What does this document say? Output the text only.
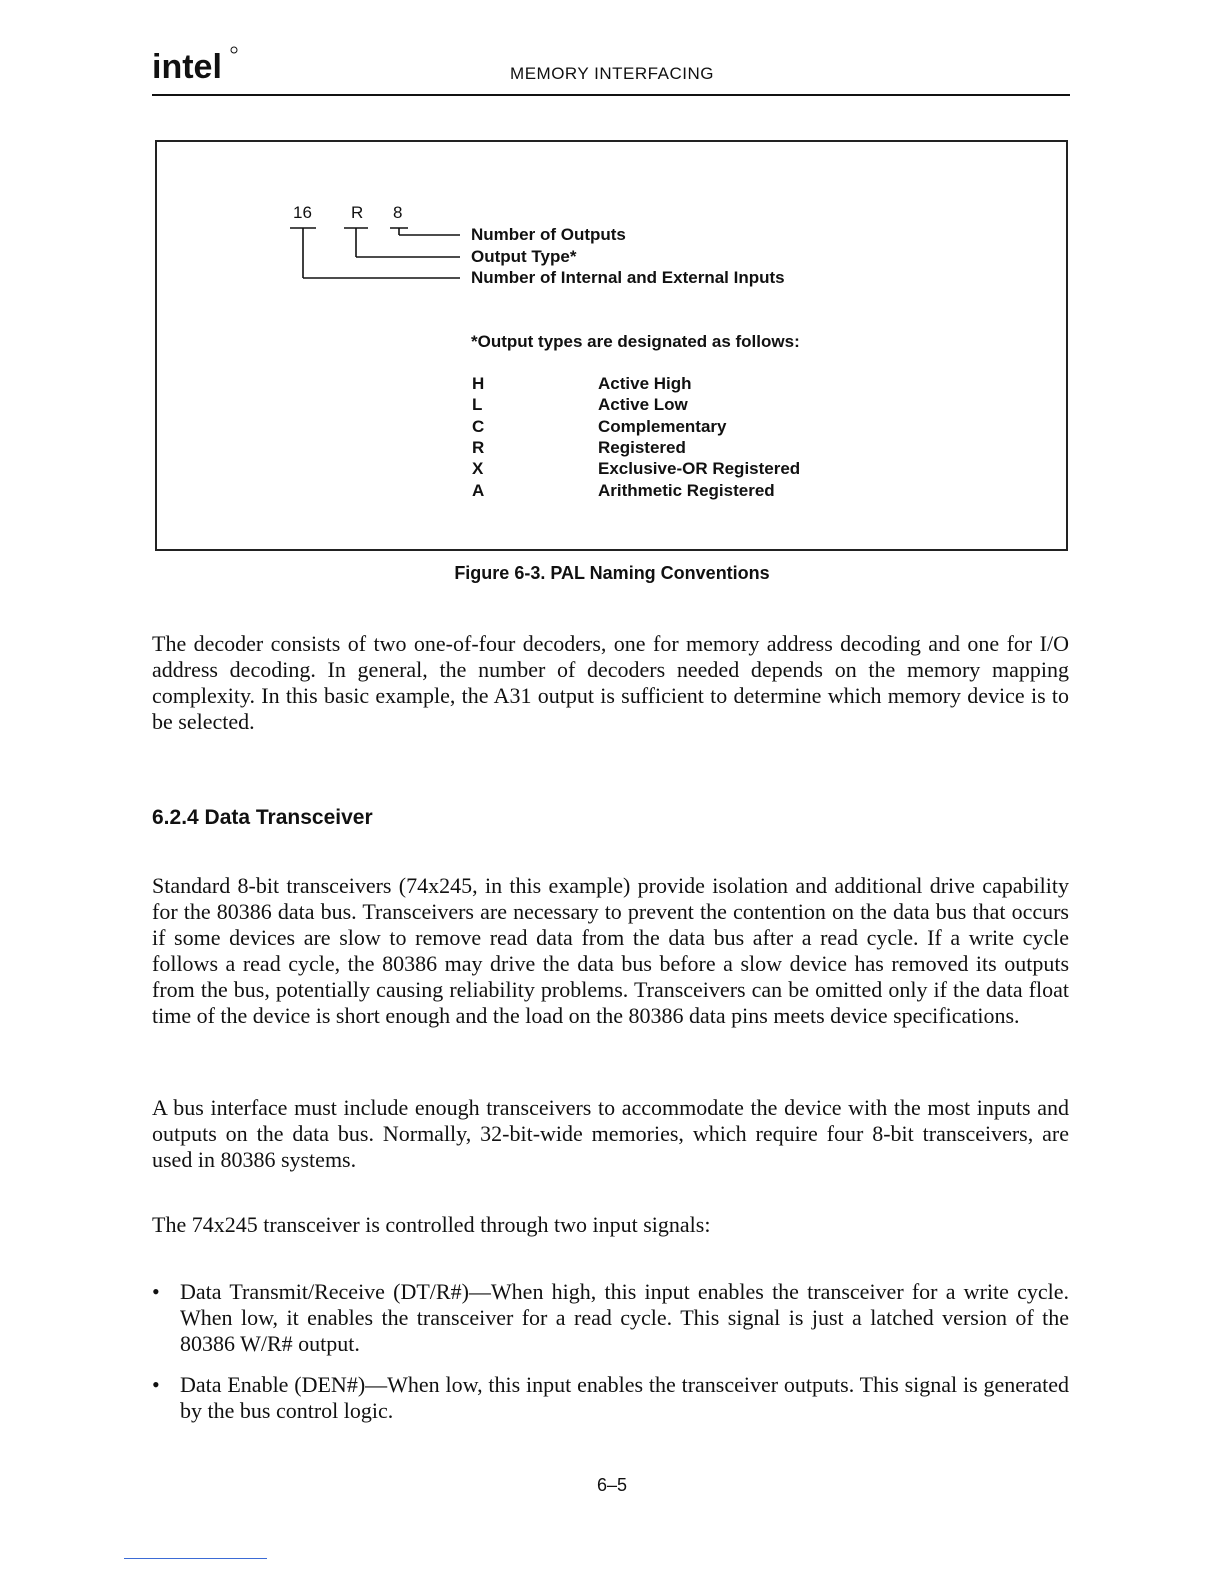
intel	MEMORY INTERFACING
16 R 8
Number of Outputs
Output Type*
Number of Internal and External Inputs
*Output types are designated as follows:
H	Active High
L	Active Low
C	Complementary
R	Registered
X	Exclusive-OR Registered
A	Arithmetic Registered
Figure 6-3. PAL Naming Conventions

The decoder consists of two one-of-four decoders, one for memory address decoding and one for I/O address decoding. In general, the number of decoders needed depends on the memory mapping complexity. In this basic example, the A31 output is sufficient to determine which memory device is to be selected.

6.2.4 Data Transceiver

Standard 8-bit transceivers (74x245, in this example) provide isolation and additional drive capability for the 80386 data bus. Transceivers are necessary to prevent the contention on the data bus that occurs if some devices are slow to remove read data from the data bus after a read cycle. If a write cycle follows a read cycle, the 80386 may drive the data bus before a slow device has removed its outputs from the bus, potentially causing reliability problems. Transceivers can be omitted only if the data float time of the device is short enough and the load on the 80386 data pins meets device specifications.

A bus interface must include enough transceivers to accommodate the device with the most inputs and outputs on the data bus. Normally, 32-bit-wide memories, which require four 8-bit transceivers, are used in 80386 systems.

The 74x245 transceiver is controlled through two input signals:

• Data Transmit/Receive (DT/R#)—When high, this input enables the transceiver for a write cycle. When low, it enables the transceiver for a read cycle. This signal is just a latched version of the 80386 W/R# output.
• Data Enable (DEN#)—When low, this input enables the transceiver outputs. This signal is generated by the bus control logic.
6–5
